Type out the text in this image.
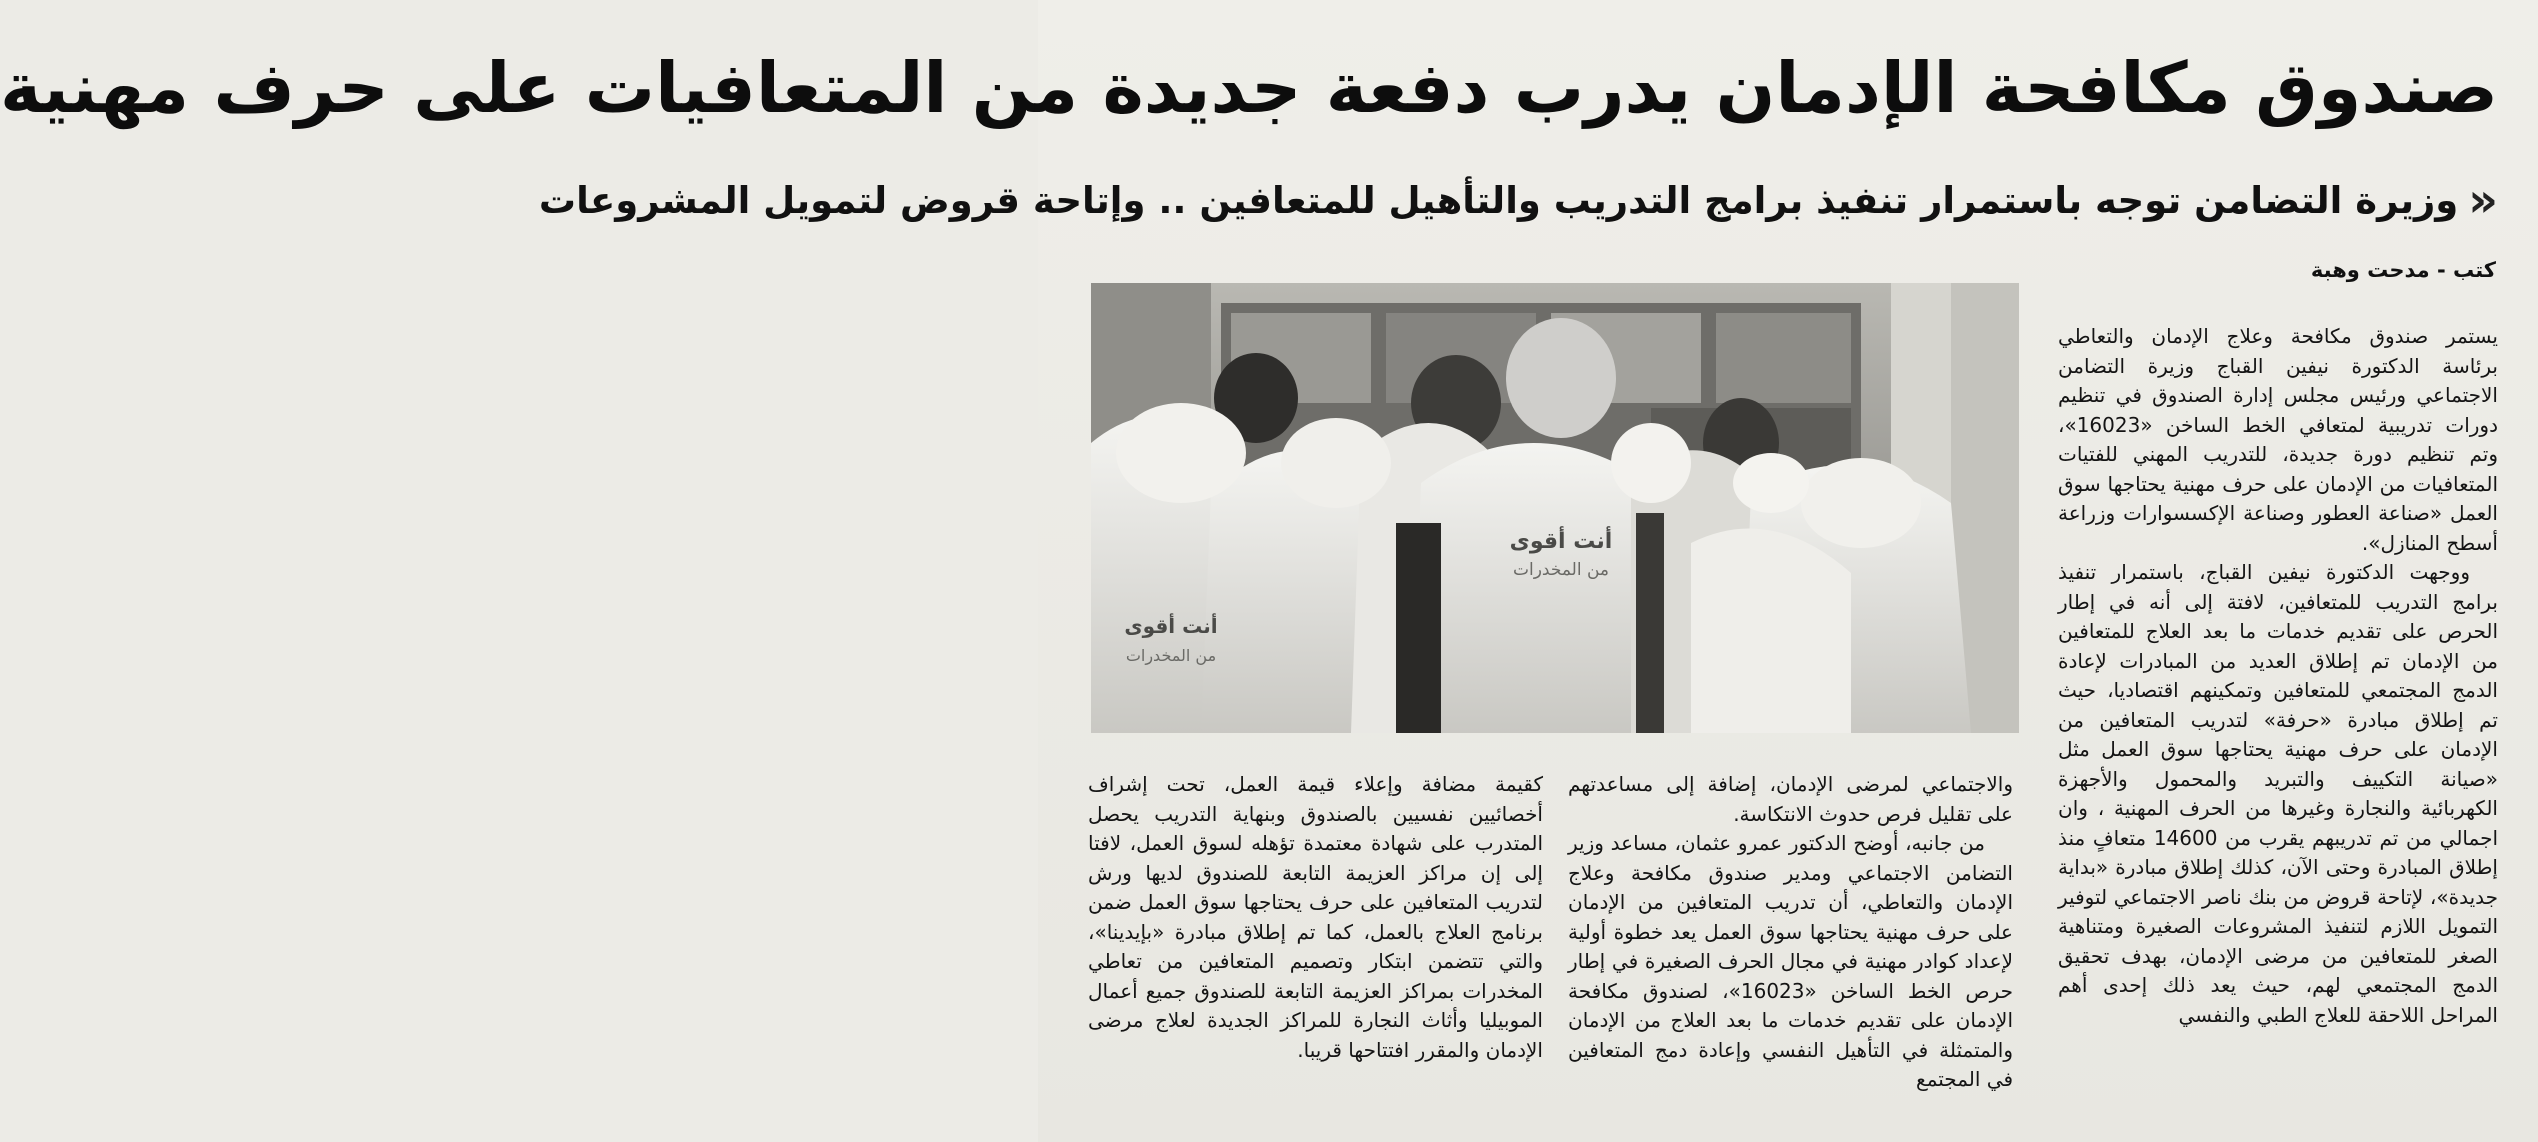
صندوق مكافحة الإدمان يدرب دفعة جديدة من المتعافيات على حرف مهنية
«
وزيرة التضامن توجه باستمرار تنفيذ برامج التدريب والتأهيل للمتعافين .. وإتاحة قروض لتمويل المشروعات
كتب - مدحت وهبة
أنت أقوى
من المخدرات
أنت أقوى
من المخدرات

يستمر صندوق مكافحة وعلاج الإدمان والتعاطي برئاسة الدكتورة نيفين القباج وزيرة التضامن الاجتماعي ورئيس مجلس إدارة الصندوق في تنظيم دورات تدريبية لمتعافي الخط الساخن «16023»، وتم تنظيم دورة جديدة، للتدريب المهني للفتيات المتعافيات من الإدمان على حرف مهنية يحتاجها سوق العمل «صناعة العطور وصناعة الإكسسوارات وزراعة أسطح المنازل».

ووجهت الدكتورة نيفين القباج، باستمرار تنفيذ برامج التدريب للمتعافين، لافتة إلى أنه في إطار الحرص على تقديم خدمات ما بعد العلاج للمتعافين من الإدمان تم إطلاق العديد من المبادرات لإعادة الدمج المجتمعي للمتعافين وتمكينهم اقتصاديا، حيث تم إطلاق مبادرة «حرفة» لتدريب المتعافين من الإدمان على حرف مهنية يحتاجها سوق العمل مثل «صيانة التكييف والتبريد والمحمول والأجهزة الكهربائية والنجارة وغيرها من الحرف المهنية ، وان اجمالي من تم تدريبهم يقرب من 14600 متعافٍ منذ إطلاق المبادرة وحتى الآن، كذلك إطلاق مبادرة «بداية جديدة»، لإتاحة قروض من بنك ناصر الاجتماعي لتوفير التمويل اللازم لتنفيذ المشروعات الصغيرة ومتناهية الصغر للمتعافين من مرضى الإدمان، بهدف تحقيق الدمج المجتمعي لهم، حيث يعد ذلك إحدى أهم المراحل اللاحقة للعلاج الطبي والنفسي

والاجتماعي لمرضى الإدمان، إضافة إلى مساعدتهم على تقليل فرص حدوث الانتكاسة.

من جانبه، أوضح الدكتور عمرو عثمان، مساعد وزير التضامن الاجتماعي ومدير صندوق مكافحة وعلاج الإدمان والتعاطي، أن تدريب المتعافين من الإدمان على حرف مهنية يحتاجها سوق العمل يعد خطوة أولية لإعداد كوادر مهنية في مجال الحرف الصغيرة في إطار حرص الخط الساخن «16023»، لصندوق مكافحة الإدمان على تقديم خدمات ما بعد العلاج من الإدمان والمتمثلة في التأهيل النفسي وإعادة دمج المتعافين في المجتمع

كقيمة مضافة وإعلاء قيمة العمل، تحت إشراف أخصائيين نفسيين بالصندوق وبنهاية التدريب يحصل المتدرب على شهادة معتمدة تؤهله لسوق العمل، لافتا إلى إن مراكز العزيمة التابعة للصندوق لديها ورش لتدريب المتعافين على حرف يحتاجها سوق العمل ضمن برنامج العلاج بالعمل، كما تم إطلاق مبادرة «بإيدينا»، والتي تتضمن ابتكار وتصميم المتعافين من تعاطي المخدرات بمراكز العزيمة التابعة للصندوق جميع أعمال الموبيليا وأثاث النجارة للمراكز الجديدة لعلاج مرضى الإدمان والمقرر افتتاحها قريبا.
